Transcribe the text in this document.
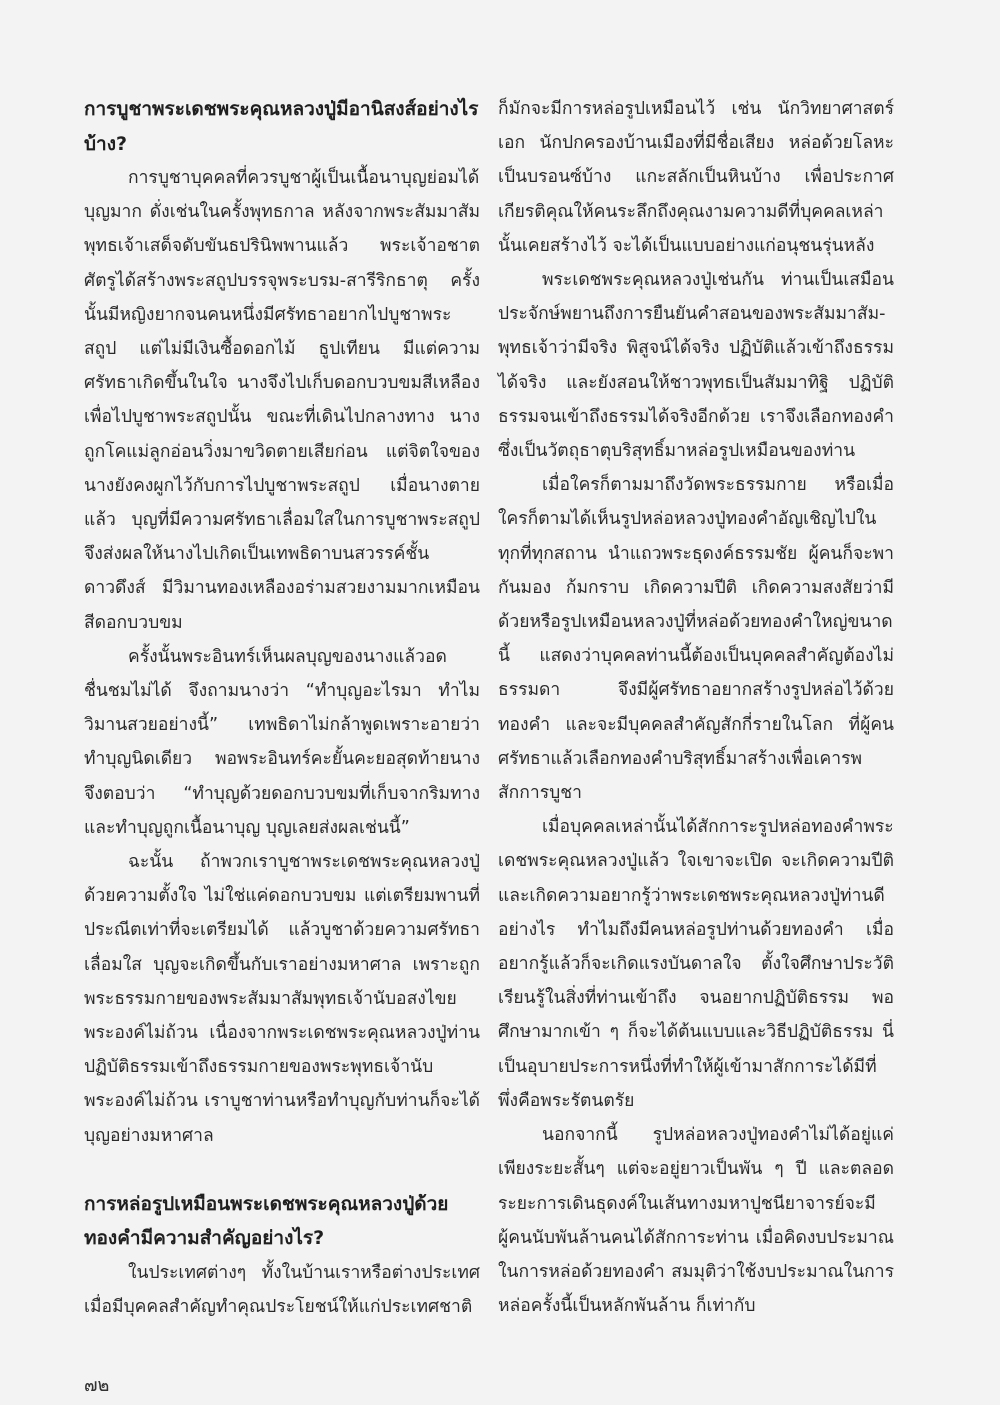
การบูชาพระเดชพระคุณหลวงปู่มีอานิสงส์อย่างไรบ้าง?

การบูชาบุคคลที่ควรบูชาผู้เป็นเนื้อนาบุญย่อมได้บุญมาก ดั่งเช่นในครั้งพุทธกาล หลังจากพระสัมมาสัมพุทธเจ้าเสด็จดับขันธปรินิพพานแล้ว พระเจ้าอชาตศัตรูได้สร้างพระสถูปบรรจุพระบรม-สารีริกธาตุ ครั้งนั้นมีหญิงยากจนคนหนึ่งมีศรัทธาอยากไปบูชาพระสถูป แต่ไม่มีเงินซื้อดอกไม้ ธูปเทียน มีแต่ความศรัทธาเกิดขึ้นในใจ นางจึงไปเก็บดอกบวบขมสีเหลืองเพื่อไปบูชาพระสถูปนั้น ขณะที่เดินไปกลางทาง นางถูกโคแม่ลูกอ่อนวิ่งมาขวิดตายเสียก่อน แต่จิตใจของนางยังคงผูกไว้กับการไปบูชาพระสถูป เมื่อนางตายแล้ว บุญที่มีความศรัทธาเลื่อมใสในการบูชาพระสถูปจึงส่งผลให้นางไปเกิดเป็นเทพธิดาบนสวรรค์ชั้นดาวดึงส์ มีวิมานทองเหลืองอร่ามสวยงามมากเหมือนสีดอกบวบขม

ครั้งนั้นพระอินทร์เห็นผลบุญของนางแล้วอดชื่นชมไม่ได้ จึงถามนางว่า “ทำบุญอะไรมา ทำไมวิมานสวยอย่างนี้” เทพธิดาไม่กล้าพูดเพราะอายว่าทำบุญนิดเดียว พอพระอินทร์คะยั้นคะยอสุดท้ายนางจึงตอบว่า “ทำบุญด้วยดอกบวบขมที่เก็บจากริมทางและทำบุญถูกเนื้อนาบุญ บุญเลยส่งผลเช่นนี้”

ฉะนั้น ถ้าพวกเราบูชาพระเดชพระคุณหลวงปู่ด้วยความตั้งใจ ไม่ใช่แค่ดอกบวบขม แต่เตรียมพานที่ประณีตเท่าที่จะเตรียมได้ แล้วบูชาด้วยความศรัทธาเลื่อมใส บุญจะเกิดขึ้นกับเราอย่างมหาศาล เพราะถูกพระธรรมกายของพระสัมมาสัมพุทธเจ้านับอสงไขยพระองค์ไม่ถ้วน เนื่องจากพระเดชพระคุณหลวงปู่ท่านปฏิบัติธรรมเข้าถึงธรรมกายของพระพุทธเจ้านับพระองค์ไม่ถ้วน เราบูชาท่านหรือทำบุญกับท่านก็จะได้บุญอย่างมหาศาล

การหล่อรูปเหมือนพระเดชพระคุณหลวงปู่ด้วยทองคำมีความสำคัญอย่างไร?

ในประเทศต่างๆ ทั้งในบ้านเราหรือต่างประเทศ เมื่อมีบุคคลสำคัญทำคุณประโยชน์ให้แก่ประเทศชาติ

ก็มักจะมีการหล่อรูปเหมือนไว้ เช่น นักวิทยาศาสตร์เอก นักปกครองบ้านเมืองที่มีชื่อเสียง หล่อด้วยโลหะเป็นบรอนซ์บ้าง แกะสลักเป็นหินบ้าง เพื่อประกาศเกียรติคุณให้คนระลึกถึงคุณงามความดีที่บุคคลเหล่านั้นเคยสร้างไว้ จะได้เป็นแบบอย่างแก่อนุชนรุ่นหลัง

พระเดชพระคุณหลวงปู่เช่นกัน ท่านเป็นเสมือนประจักษ์พยานถึงการยืนยันคำสอนของพระสัมมาสัม-พุทธเจ้าว่ามีจริง พิสูจน์ได้จริง ปฏิบัติแล้วเข้าถึงธรรมได้จริง และยังสอนให้ชาวพุทธเป็นสัมมาทิฐิ ปฏิบัติธรรมจนเข้าถึงธรรมได้จริงอีกด้วย เราจึงเลือกทองคำซึ่งเป็นวัตถุธาตุบริสุทธิ์มาหล่อรูปเหมือนของท่าน

เมื่อใครก็ตามมาถึงวัดพระธรรมกาย หรือเมื่อใครก็ตามได้เห็นรูปหล่อหลวงปู่ทองคำอัญเชิญไปในทุกที่ทุกสถาน นำแถวพระธุดงค์ธรรมชัย ผู้คนก็จะพากันมอง ก้มกราบ เกิดความปีติ เกิดความสงสัยว่ามีด้วยหรือรูปเหมือนหลวงปู่ที่หล่อด้วยทองคำใหญ่ขนาดนี้ แสดงว่าบุคคลท่านนี้ต้องเป็นบุคคลสำคัญต้องไม่ธรรมดา จึงมีผู้ศรัทธาอยากสร้างรูปหล่อไว้ด้วยทองคำ และจะมีบุคคลสำคัญสักกี่รายในโลก ที่ผู้คนศรัทธาแล้วเลือกทองคำบริสุทธิ์มาสร้างเพื่อเคารพสักการบูชา

เมื่อบุคคลเหล่านั้นได้สักการะรูปหล่อทองคำพระเดชพระคุณหลวงปู่แล้ว ใจเขาจะเปิด จะเกิดความปีติ และเกิดความอยากรู้ว่าพระเดชพระคุณหลวงปู่ท่านดีอย่างไร ทำไมถึงมีคนหล่อรูปท่านด้วยทองคำ เมื่ออยากรู้แล้วก็จะเกิดแรงบันดาลใจ ตั้งใจศึกษาประวัติ เรียนรู้ในสิ่งที่ท่านเข้าถึง จนอยากปฏิบัติธรรม พอศึกษามากเข้า ๆ ก็จะได้ต้นแบบและวิธีปฏิบัติธรรม นี่เป็นอุบายประการหนึ่งที่ทำให้ผู้เข้ามาสักการะได้มีที่พึ่งคือพระรัตนตรัย

นอกจากนี้ รูปหล่อหลวงปู่ทองคำไม่ได้อยู่แค่เพียงระยะสั้นๆ แต่จะอยู่ยาวเป็นพัน ๆ ปี และตลอดระยะการเดินธุดงค์ในเส้นทางมหาปูชนียาจารย์จะมีผู้คนนับพันล้านคนได้สักการะท่าน เมื่อคิดงบประมาณในการหล่อด้วยทองคำ สมมุติว่าใช้งบประมาณในการหล่อครั้งนี้เป็นหลักพันล้าน ก็เท่ากับ

๗๒
